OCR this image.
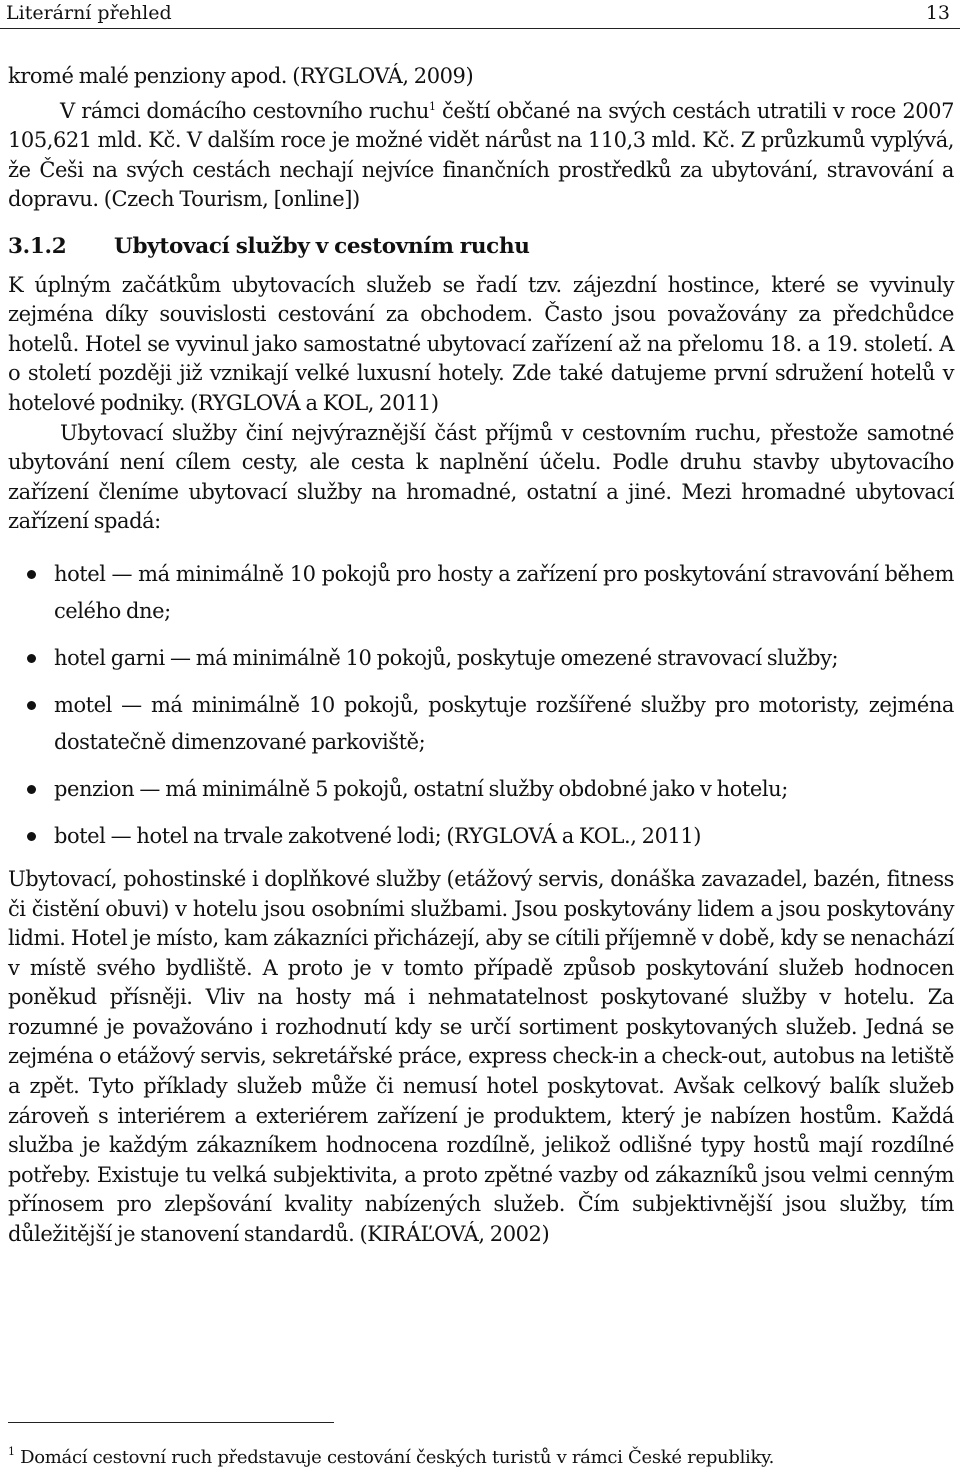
Literární přehled	13

kromé malé penziony apod. (RYGLOVÁ, 2009)

V rámci domácího cestovního ruchu$^1$ čeští občané na svých cestách utratili v roce 2007 105,621 mld. Kč. V dalším roce je možné vidět nárůst na 110,3 mld. Kč. Z průzkumů vyplývá, že Češi na svých cestách nechají nejvíce finančních prostředků za ubytování, stravování a dopravu. (Czech Tourism, [online])

3.1.2 Ubytovací služby v cestovním ruchu

K úplným začátkům ubytovacích služeb se řadí tzv. zájezdní hostince, které se vyvinuly zejména díky souvislosti cestování za obchodem. Často jsou považovány za předchůdce hotelů. Hotel se vyvinul jako samostatné ubytovací zařízení až na přelomu 18. a 19. století. A o století později již vznikají velké luxusní hotely. Zde také datujeme první sdružení hotelů v hotelové podniky. (RYGLOVÁ a KOL, 2011)

Ubytovací služby činí nejvýraznější část příjmů v cestovním ruchu, přestože samotné ubytování není cílem cesty, ale cesta k naplnění účelu. Podle druhu stavby ubytovacího zařízení členíme ubytovací služby na hromadné, ostatní a jiné. Mezi hromadné ubytovací zařízení spadá:

hotel — má minimálně 10 pokojů pro hosty a zařízení pro poskytování stravování během celého dne;
hotel garni — má minimálně 10 pokojů, poskytuje omezené stravovací služby;
motel — má minimálně 10 pokojů, poskytuje rozšířené služby pro motoristy, zejména dostatečně dimenzované parkoviště;
penzion — má minimálně 5 pokojů, ostatní služby obdobné jako v hotelu;
botel — hotel na trvale zakotvené lodi; (RYGLOVÁ a KOL., 2011)

Ubytovací, pohostinské i doplňkové služby (etážový servis, donáška zavazadel, bazén, fitness či čistění obuvi) v hotelu jsou osobními službami. Jsou poskytovány lidem a jsou poskytovány lidmi. Hotel je místo, kam zákazníci přicházejí, aby se cítili příjemně v době, kdy se nenachází v místě svého bydliště. A proto je v tomto případě způsob poskytování služeb hodnocen poněkud přísněji. Vliv na hosty má i nehmatatelnost poskytované služby v hotelu. Za rozumné je považováno i rozhodnutí kdy se určí sortiment poskytovaných služeb. Jedná se zejména o etážový servis, sekretářské práce, express check-in a check-out, autobus na letiště a zpět. Tyto příklady služeb může či nemusí hotel poskytovat. Avšak celkový balík služeb zároveň s interiérem a exteriérem zařízení je produktem, který je nabízen hostům. Každá služba je každým zákazníkem hodnocena rozdílně, jelikož odlišné typy hostů mají rozdílné potřeby. Existuje tu velká subjektivita, a proto zpětné vazby od zákazníků jsou velmi cenným přínosem pro zlepšování kvality nabízených služeb. Čím subjektivnější jsou služby, tím důležitější je stanovení standardů. (KIRÁĽOVÁ, 2002)

$^1$ Domácí cestovní ruch představuje cestování českých turistů v rámci České republiky.
